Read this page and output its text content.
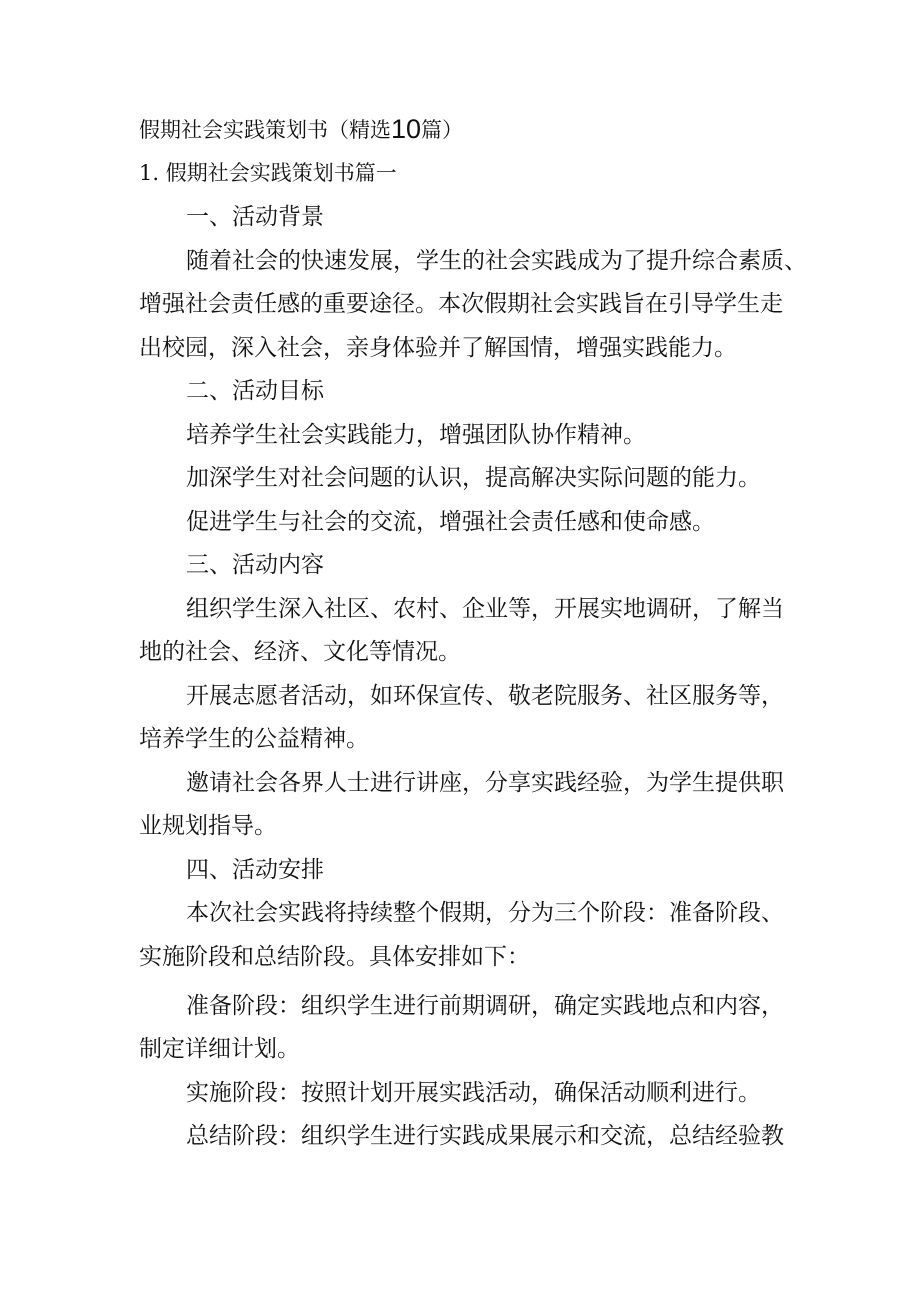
假期社会实践策划书（精选10篇）
1. 假期社会实践策划书篇一
一、活动背景
随着社会的快速发展，学生的社会实践成为了提升综合素质、
增强社会责任感的重要途径。本次假期社会实践旨在引导学生走
出校园，深入社会，亲身体验并了解国情，增强实践能力。
二、活动目标
培养学生社会实践能力，增强团队协作精神。
加深学生对社会问题的认识，提高解决实际问题的能力。
促进学生与社会的交流，增强社会责任感和使命感。
三、活动内容
组织学生深入社区、农村、企业等，开展实地调研，了解当
地的社会、经济、文化等情况。
开展志愿者活动，如环保宣传、敬老院服务、社区服务等，
培养学生的公益精神。
邀请社会各界人士进行讲座，分享实践经验，为学生提供职
业规划指导。
四、活动安排
本次社会实践将持续整个假期，分为三个阶段：准备阶段、
实施阶段和总结阶段。具体安排如下：
准备阶段：组织学生进行前期调研，确定实践地点和内容，
制定详细计划。
实施阶段：按照计划开展实践活动，确保活动顺利进行。
总结阶段：组织学生进行实践成果展示和交流，总结经验教
